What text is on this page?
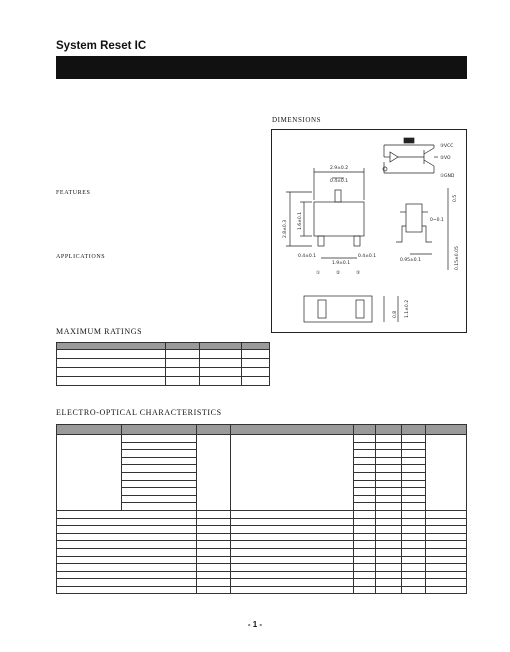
System Reset IC
DIMENSIONS
FEATURES
APPLICATIONS
MAXIMUM RATINGS
ELECTRO-OPTICAL CHARACTERISTICS
③VCC
②VO
①GND
2.9±0.2
0.4±0.1
2.8±0.3 1.6±0.1
0.4±0.1	0.4±0.1
1.9±0.1
①	②	③
0.5
0~0.1
0.95±0.1	0.15±0.05
0.8 1.1±0.2

- 1 -
